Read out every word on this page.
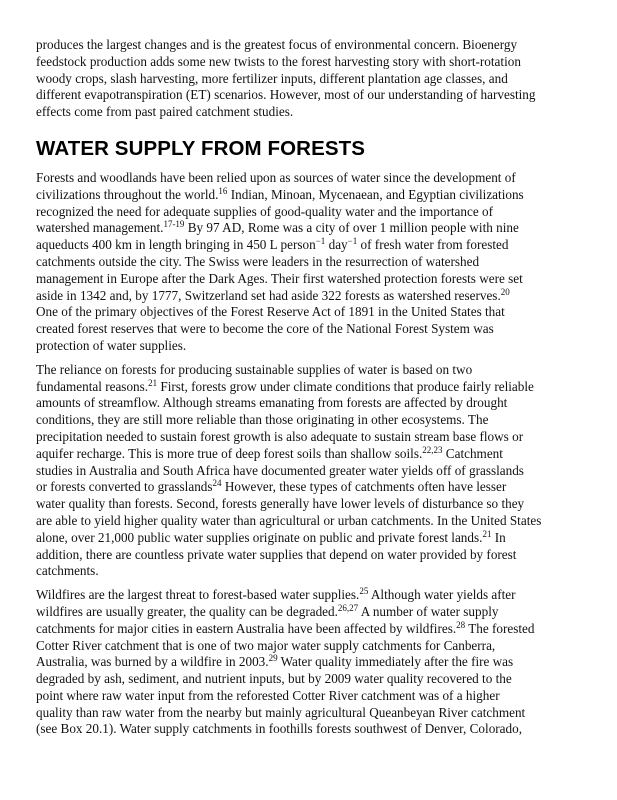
produces the largest changes and is the greatest focus of environmental concern. Bioenergy
feedstock production adds some new twists to the forest harvesting story with short-rotation
woody crops, slash harvesting, more fertilizer inputs, different plantation age classes, and
different evapotranspiration (ET) scenarios. However, most of our understanding of harvesting
effects come from past paired catchment studies.

WATER SUPPLY FROM FORESTS

Forests and woodlands have been relied upon as sources of water since the development of
civilizations throughout the world.$^{16}$ Indian, Minoan, Mycenaean, and Egyptian civilizations
recognized the need for adequate supplies of good-quality water and the importance of
watershed management.$^{17-19}$ By 97 AD, Rome was a city of over 1 million people with nine
aqueducts 400 km in length bringing in 450 L person$^{-1}$ day$^{-1}$ of fresh water from forested
catchments outside the city. The Swiss were leaders in the resurrection of watershed
management in Europe after the Dark Ages. Their first watershed protection forests were set
aside in 1342 and, by 1777, Switzerland set had aside 322 forests as watershed reserves.$^{20}$
One of the primary objectives of the Forest Reserve Act of 1891 in the United States that
created forest reserves that were to become the core of the National Forest System was
protection of water supplies.

The reliance on forests for producing sustainable supplies of water is based on two
fundamental reasons.$^{21}$ First, forests grow under climate conditions that produce fairly reliable
amounts of streamflow. Although streams emanating from forests are affected by drought
conditions, they are still more reliable than those originating in other ecosystems. The
precipitation needed to sustain forest growth is also adequate to sustain stream base flows or
aquifer recharge. This is more true of deep forest soils than shallow soils.$^{22,23}$ Catchment
studies in Australia and South Africa have documented greater water yields off of grasslands
or forests converted to grasslands$^{24}$ However, these types of catchments often have lesser
water quality than forests. Second, forests generally have lower levels of disturbance so they
are able to yield higher quality water than agricultural or urban catchments. In the United States
alone, over 21,000 public water supplies originate on public and private forest lands.$^{21}$ In
addition, there are countless private water supplies that depend on water provided by forest
catchments.

Wildfires are the largest threat to forest-based water supplies.$^{25}$ Although water yields after
wildfires are usually greater, the quality can be degraded.$^{26,27}$ A number of water supply
catchments for major cities in eastern Australia have been affected by wildfires.$^{28}$ The forested
Cotter River catchment that is one of two major water supply catchments for Canberra,
Australia, was burned by a wildfire in 2003.29 Water quality immediately after the fire was
degraded by ash, sediment, and nutrient inputs, but by 2009 water quality recovered to the
point where raw water input from the reforested Cotter River catchment was of a higher
quality than raw water from the nearby but mainly agricultural Queanbeyan River catchment
(see Box 20.1). Water supply catchments in foothills forests southwest of Denver, Colorado,
